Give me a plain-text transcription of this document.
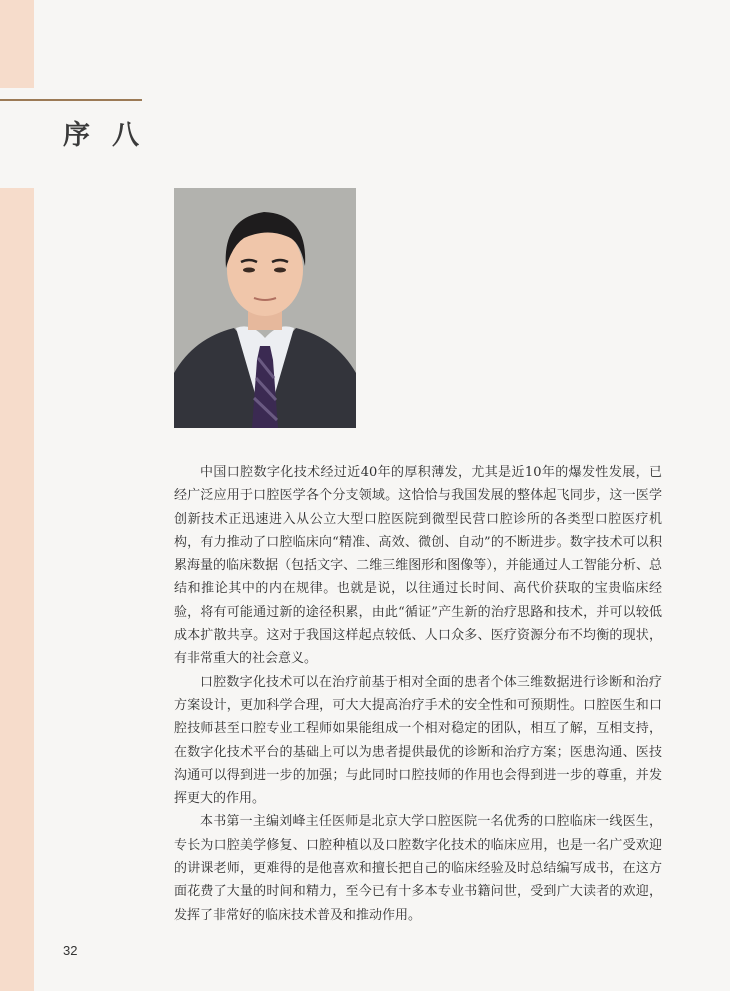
序八

中国口腔数字化技术经过近40年的厚积薄发，尤其是近10年的爆发性发展，已经广泛应用于口腔医学各个分支领域。这恰恰与我国发展的整体起飞同步，这一医学创新技术正迅速进入从公立大型口腔医院到微型民营口腔诊所的各类型口腔医疗机构，有力推动了口腔临床向“精准、高效、微创、自动”的不断进步。数字技术可以积累海量的临床数据（包括文字、二维三维图形和图像等），并能通过人工智能分析、总结和推论其中的内在规律。也就是说，以往通过长时间、高代价获取的宝贵临床经验，将有可能通过新的途径积累，由此“循证”产生新的治疗思路和技术，并可以较低成本扩散共享。这对于我国这样起点较低、人口众多、医疗资源分布不均衡的现状，有非常重大的社会意义。

口腔数字化技术可以在治疗前基于相对全面的患者个体三维数据进行诊断和治疗方案设计，更加科学合理，可大大提高治疗手术的安全性和可预期性。口腔医生和口腔技师甚至口腔专业工程师如果能组成一个相对稳定的团队，相互了解，互相支持，在数字化技术平台的基础上可以为患者提供最优的诊断和治疗方案；医患沟通、医技沟通可以得到进一步的加强；与此同时口腔技师的作用也会得到进一步的尊重，并发挥更大的作用。

本书第一主编刘峰主任医师是北京大学口腔医院一名优秀的口腔临床一线医生，专长为口腔美学修复、口腔种植以及口腔数字化技术的临床应用，也是一名广受欢迎的讲课老师，更难得的是他喜欢和擅长把自己的临床经验及时总结编写成书，在这方面花费了大量的时间和精力，至今已有十多本专业书籍问世，受到广大读者的欢迎，发挥了非常好的临床技术普及和推动作用。

32
